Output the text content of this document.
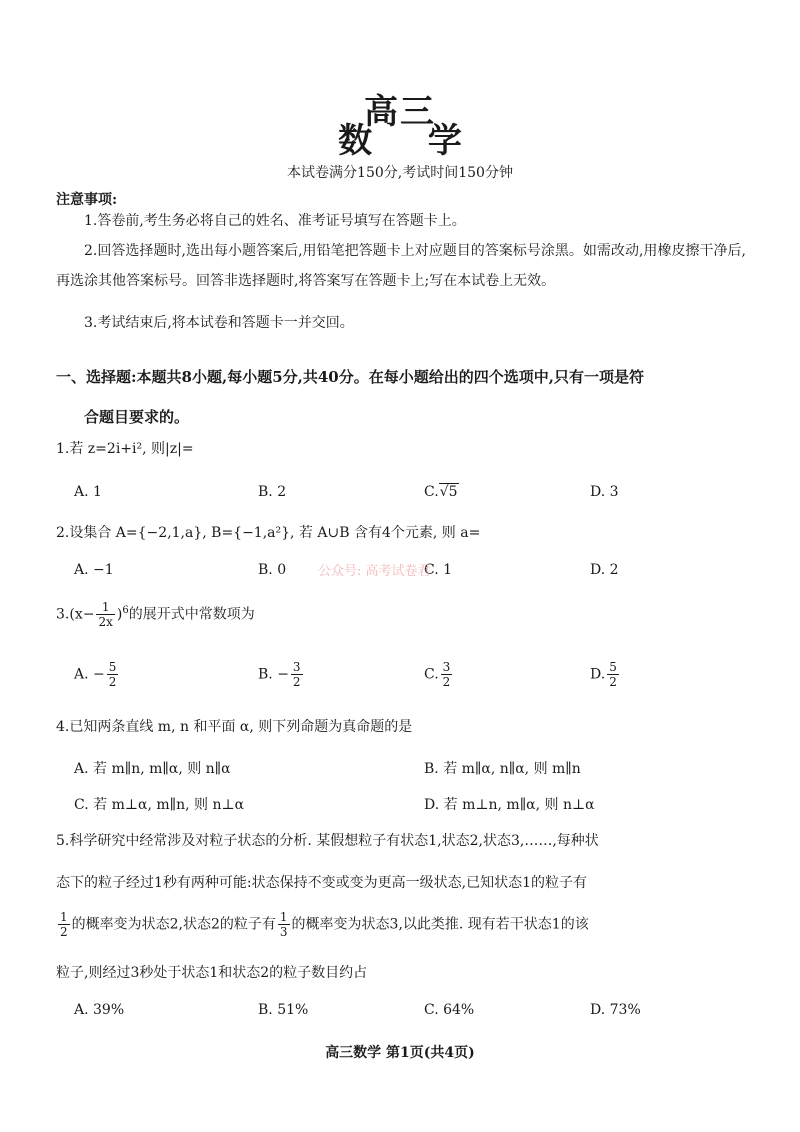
高三
数 学
本试卷满分150分,考试时间150分钟
注意事项:
1.答卷前,考生务必将自己的姓名、准考证号填写在答题卡上。
2.回答选择题时,选出每小题答案后,用铅笔把答题卡上对应题目的答案标号涂黑。如需改动,用橡皮擦干净后,再选涂其他答案标号。回答非选择题时,将答案写在答题卡上;写在本试卷上无效。
3.考试结束后,将本试卷和答题卡一并交回。
一、选择题:本题共8小题,每小题5分,共40分。在每小题给出的四个选项中,只有一项是符
合题目要求的。
1.若 z=2i+i², 则|z|=
A. 1	B. 2	C.√5	D. 3
2.设集合 A={−2,1,a}, B={−1,a²}, 若 A∪B 含有4个元素, 则 a=
A. −1	B. 0	C. 1	D. 2
公众号: 高考试卷君
$3.(x- \frac{1}{2x} )^6$的展开式中常数项为
A. − $\frac{5}{2}$	B. − $\frac{3}{2}$	C. $\frac{3}{2}$	D. $\frac{5}{2}$
4.已知两条直线 m, n 和平面 α, 则下列命题为真命题的是
A. 若 m∥n, m∥α, 则 n∥α	B. 若 m∥α, n∥α, 则 m∥n
C. 若 m⊥α, m∥n, 则 n⊥α	D. 若 m⊥n, m∥α, 则 n⊥α
5.科学研究中经常涉及对粒子状态的分析. 某假想粒子有状态1,状态2,状态3,……,每种状
态下的粒子经过1秒有两种可能:状态保持不变或变为更高一级状态,已知状态1的粒子有
$\frac{1}{2}$ 的概率变为状态2,状态2的粒子有 $\frac{1}{3}$ 的概率变为状态3,以此类推. 现有若干状态1的该
粒子,则经过3秒处于状态1和状态2的粒子数目约占
A. 39%	B. 51%	C. 64%	D. 73%
高三数学 第1页(共4页)
